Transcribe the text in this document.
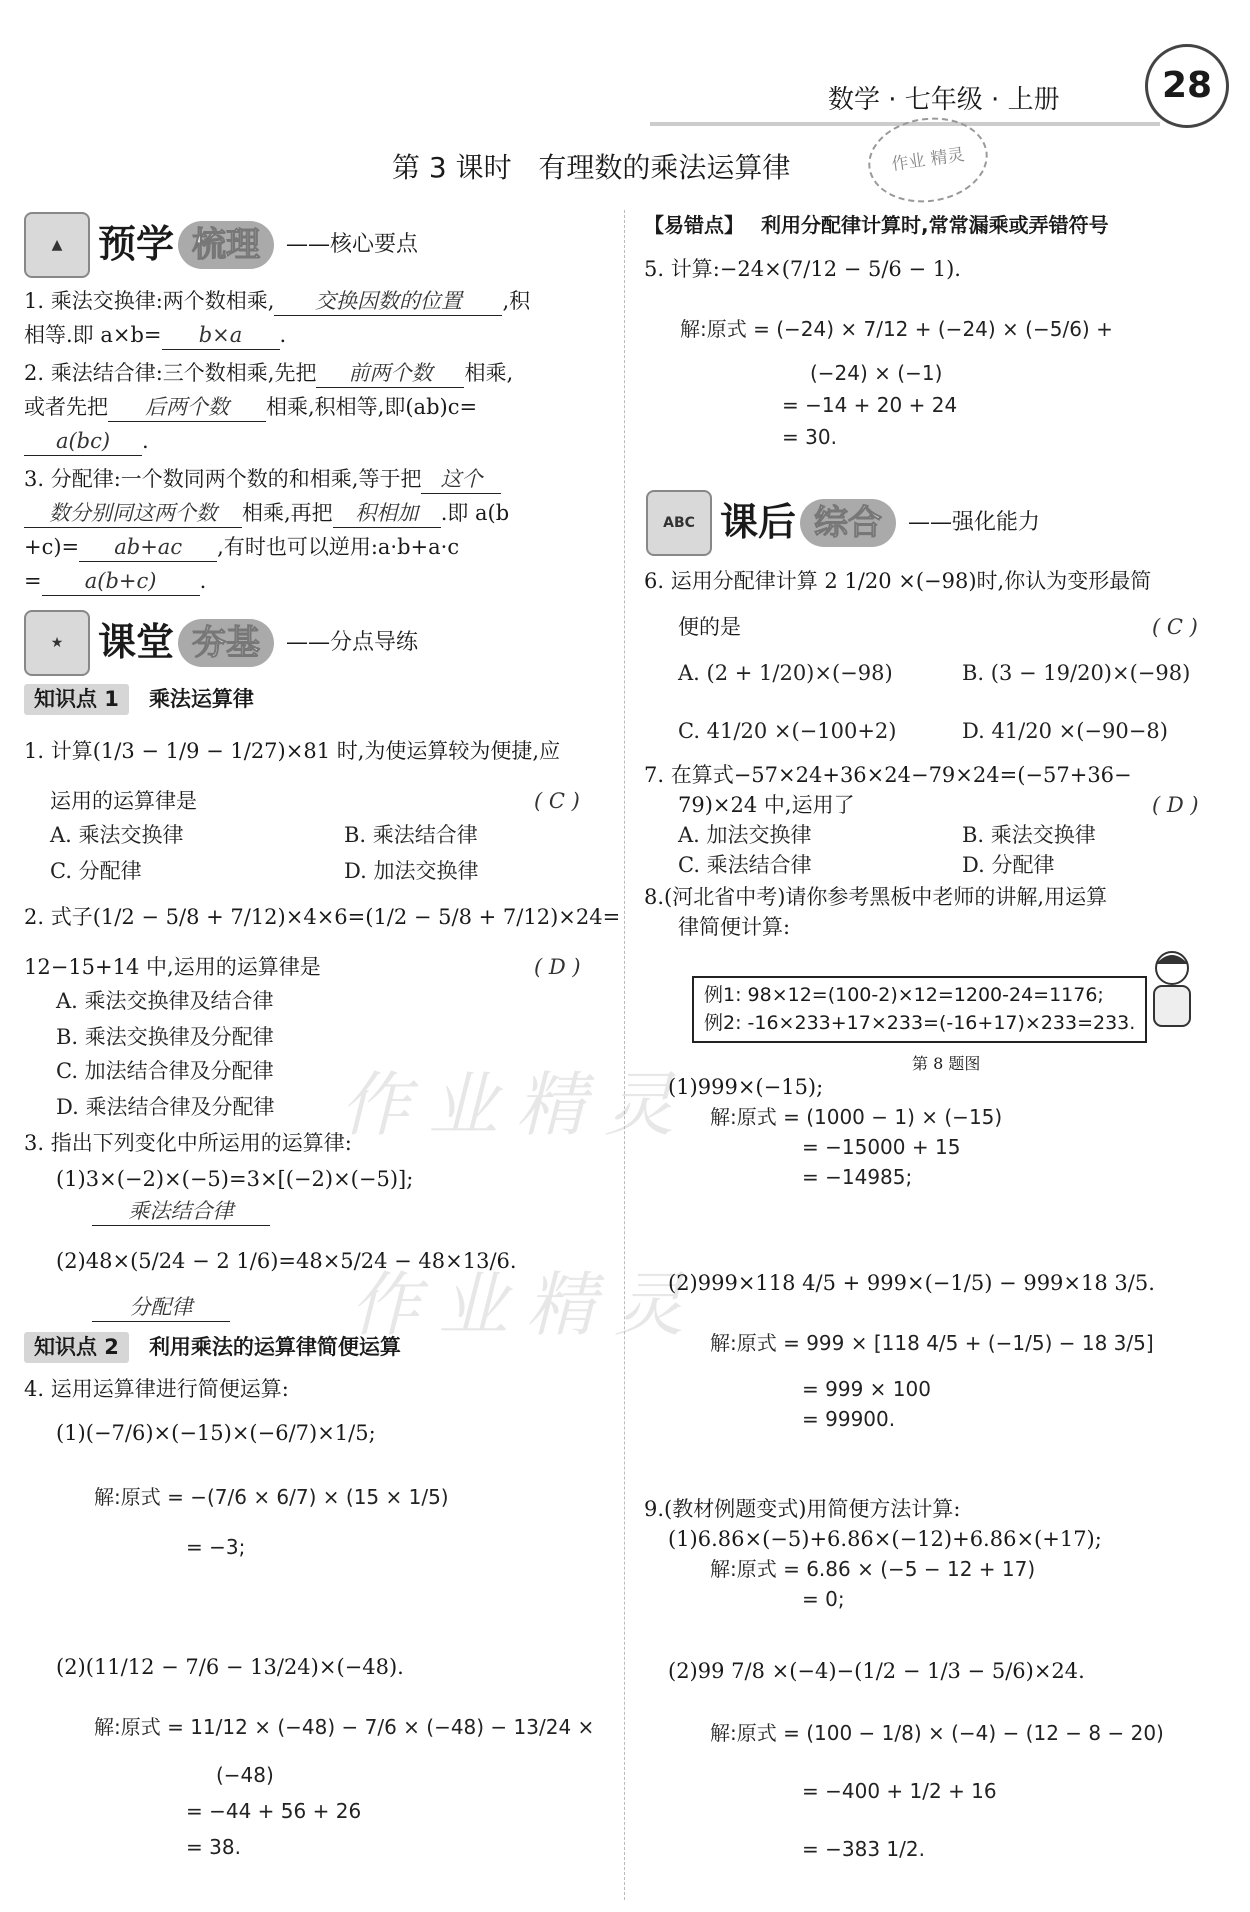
数学 · 七年级 · 上册	28
第 3 课时   有理数的乘法运算律	作业 精灵
作业精灵
作业精灵
▲ 预学 梳理	——核心要点
1. 乘法交换律:两个数相乘, 交换因数的位置 ,积
相等.即 a×b= b×a .
2. 乘法结合律:三个数相乘,先把 前两个数 相乘,
或者先把 后两个数 相乘,积相等,即(ab)c=
a(bc) .
3. 分配律:一个数同两个数的和相乘,等于把 这个
数分别同这两个数 相乘,再把 积相加 .即 a(b
+c)= ab+ac ,有时也可以逆用:a·b+a·c
= a(b+c) .
★ 课堂 夯基	——分点导练
知识点 1	乘法运算律
1. 计算(1/3 − 1/9 − 1/27)×81 时,为使运算较为便捷,应
运用的运算律是	( C )
A. 乘法交换律	B. 乘法结合律
C. 分配律	D. 加法交换律
2. 式子(1/2 − 5/8 + 7/12)×4×6=(1/2 − 5/8 + 7/12)×24=
12−15+14 中,运用的运算律是	( D )
A. 乘法交换律及结合律
B. 乘法交换律及分配律
C. 加法结合律及分配律
D. 乘法结合律及分配律
3. 指出下列变化中所运用的运算律:
(1)3×(−2)×(−5)=3×[(−2)×(−5)];
乘法结合律
(2)48×(5/24 − 2 1/6)=48×5/24 − 48×13/6.
分配律
知识点 2	利用乘法的运算律简便运算
4. 运用运算律进行简便运算:
(1)(−7/6)×(−15)×(−6/7)×1/5;
解:原式 = −(7/6 × 6/7) × (15 × 1/5)
= −3;
(2)(11/12 − 7/6 − 13/24)×(−48).
解:原式 = 11/12 × (−48) − 7/6 × (−48) − 13/24 ×
(−48)
= −44 + 56 + 26
= 38.
【易错点】 利用分配律计算时,常常漏乘或弄错符号
5. 计算:−24×(7/12 − 5/6 − 1).
解:原式 = (−24) × 7/12 + (−24) × (−5/6) +
(−24) × (−1)
= −14 + 20 + 24
= 30.
ABC 课后 综合	——强化能力
6. 运用分配律计算 2 1/20 ×(−98)时,你认为变形最简
便的是	( C )
A. (2 + 1/20)×(−98)	B. (3 − 19/20)×(−98)
C. 41/20 ×(−100+2)	D. 41/20 ×(−90−8)
7. 在算式−57×24+36×24−79×24=(−57+36−
79)×24 中,运用了	( D )
A. 加法交换律	B. 乘法交换律
C. 乘法结合律	D. 分配律
8.(河北省中考)请你参考黑板中老师的讲解,用运算
律简便计算:
例1: 98×12=(100-2)×12=1200-24=1176;
例2: -16×233+17×233=(-16+17)×233=233.
第 8 题图
(1)999×(−15);
解:原式 = (1000 − 1) × (−15)
= −15000 + 15
= −14985;
(2)999×118 4/5 + 999×(−1/5) − 999×18 3/5.
解:原式 = 999 × [118 4/5 + (−1/5) − 18 3/5]
= 999 × 100
= 99900.
9.(教材例题变式)用简便方法计算:
(1)6.86×(−5)+6.86×(−12)+6.86×(+17);
解:原式 = 6.86 × (−5 − 12 + 17)
= 0;
(2)99 7/8 ×(−4)−(1/2 − 1/3 − 5/6)×24.
解:原式 = (100 − 1/8) × (−4) − (12 − 8 − 20)
= −400 + 1/2 + 16
= −383 1/2.
